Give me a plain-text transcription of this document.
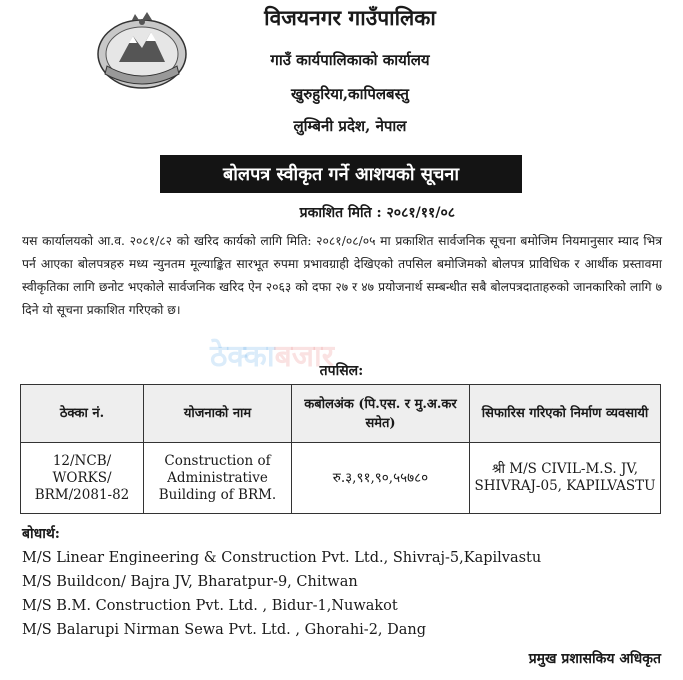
विजयनगर गाउँपालिका
गाउँ कार्यपालिकाको कार्यालय
खुरुहुरिया,कापिलबस्तु
लुम्बिनी प्रदेश, नेपाल
बोलपत्र स्वीकृत गर्ने आशयको सूचना
प्रकाशित मिति : २०८१/११/०८
यस कार्यालयको आ.व. २०८१/८२ को खरिद कार्यको लागि मिति: २०८१/०८/०५ मा प्रकाशित सार्वजनिक सूचना बमोजिम नियमानुसार म्याद भित्र पर्न आएका बोलपत्रहरु मध्य न्युनतम मूल्याङ्कित सारभूत रुपमा प्रभावग्राही देखिएको तपसिल बमोजिमको बोलपत्र प्राविधिक र आर्थीक प्रस्तावमा स्वीकृतिका लागि छनोट भएकोले सार्वजनिक खरिद ऐन २०६३ को दफा २७ र ४७ प्रयोजनार्थ सम्बन्धीत सबै बोलपत्रदाताहरुको जानकारिको लागि ७ दिने यो सूचना प्रकाशित गरिएको छ।
ठेक्काबजार
तपसिल:
ठेक्का नं.	योजनाको नाम	कबोलअंक (पि.एस. र मु.अ.कर समेत)	सिफारिस गरिएको निर्माण व्यवसायी
12/NCB/ WORKS/ BRM/2081-82	Construction of Administrative Building of BRM.	रु.३,९१,९०,५५७८०	श्री M/S CIVIL-M.S. JV, SHIVRAJ-05, KAPILVASTU
बोधार्थ:
M/S Linear Engineering & Construction Pvt. Ltd., Shivraj-5,Kapilvastu
M/S Buildcon/ Bajra JV, Bharatpur-9, Chitwan
M/S B.M. Construction Pvt. Ltd. , Bidur-1,Nuwakot
M/S Balarupi Nirman Sewa Pvt. Ltd. , Ghorahi-2, Dang
प्रमुख प्रशासकिय अधिकृत
